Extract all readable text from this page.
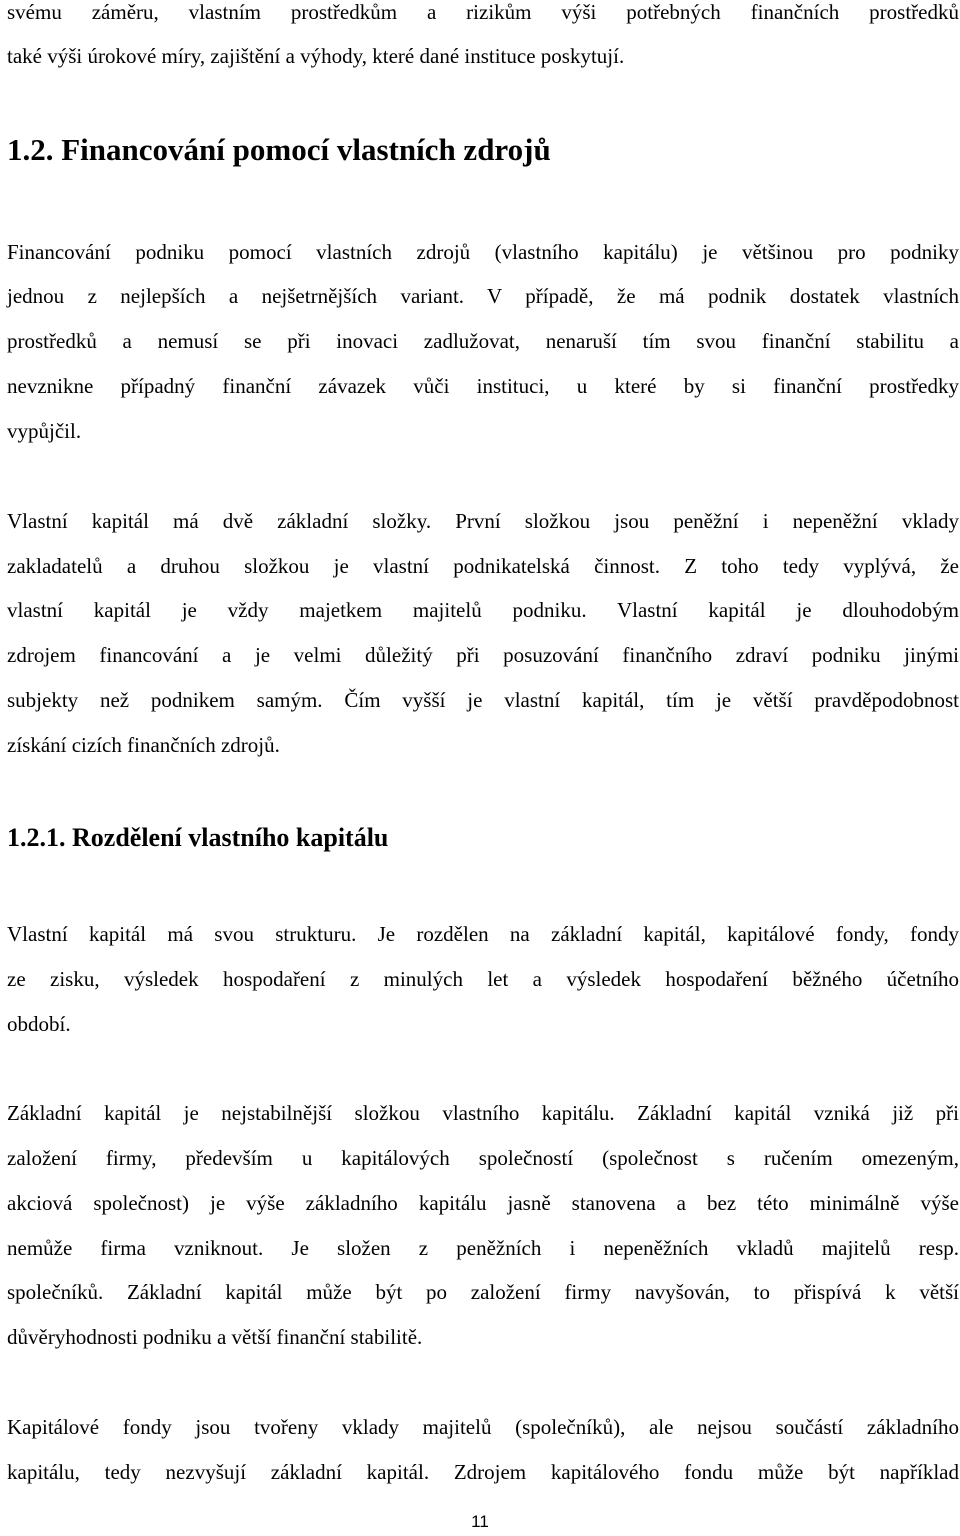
svému záměru, vlastním prostředkům a rizikům výši potřebných finančních prostředků
také výši úrokové míry, zajištění a výhody, které dané instituce poskytují.
1.2. Financování pomocí vlastních zdrojů
Financování podniku pomocí vlastních zdrojů (vlastního kapitálu) je většinou pro podniky
jednou z nejlepších a nejšetrnějších variant. V případě, že má podnik dostatek vlastních
prostředků a nemusí se při inovaci zadlužovat, nenaruší tím svou finanční stabilitu a
nevznikne případný finanční závazek vůči instituci, u které by si finanční prostředky
vypůjčil.
Vlastní kapitál má dvě základní složky. První složkou jsou peněžní i nepeněžní vklady
zakladatelů a druhou složkou je vlastní podnikatelská činnost. Z toho tedy vyplývá, že
vlastní kapitál je vždy majetkem majitelů podniku. Vlastní kapitál je dlouhodobým
zdrojem financování a je velmi důležitý při posuzování finančního zdraví podniku jinými
subjekty než podnikem samým. Čím vyšší je vlastní kapitál, tím je větší pravděpodobnost
získání cizích finančních zdrojů.
1.2.1. Rozdělení vlastního kapitálu
Vlastní kapitál má svou strukturu. Je rozdělen na základní kapitál, kapitálové fondy, fondy
ze zisku, výsledek hospodaření z minulých let a výsledek hospodaření běžného účetního
období.
Základní kapitál je nejstabilnější složkou vlastního kapitálu. Základní kapitál vzniká již při
založení firmy, především u kapitálových společností (společnost s ručením omezeným,
akciová společnost) je výše základního kapitálu jasně stanovena a bez této minimálně výše
nemůže firma vzniknout. Je složen z peněžních i nepeněžních vkladů majitelů resp.
společníků. Základní kapitál může být po založení firmy navyšován, to přispívá k větší
důvěryhodnosti podniku a větší finanční stabilitě.
Kapitálové fondy jsou tvořeny vklady majitelů (společníků), ale nejsou součástí základního
kapitálu, tedy nezvyšují základní kapitál. Zdrojem kapitálového fondu může být například
11
